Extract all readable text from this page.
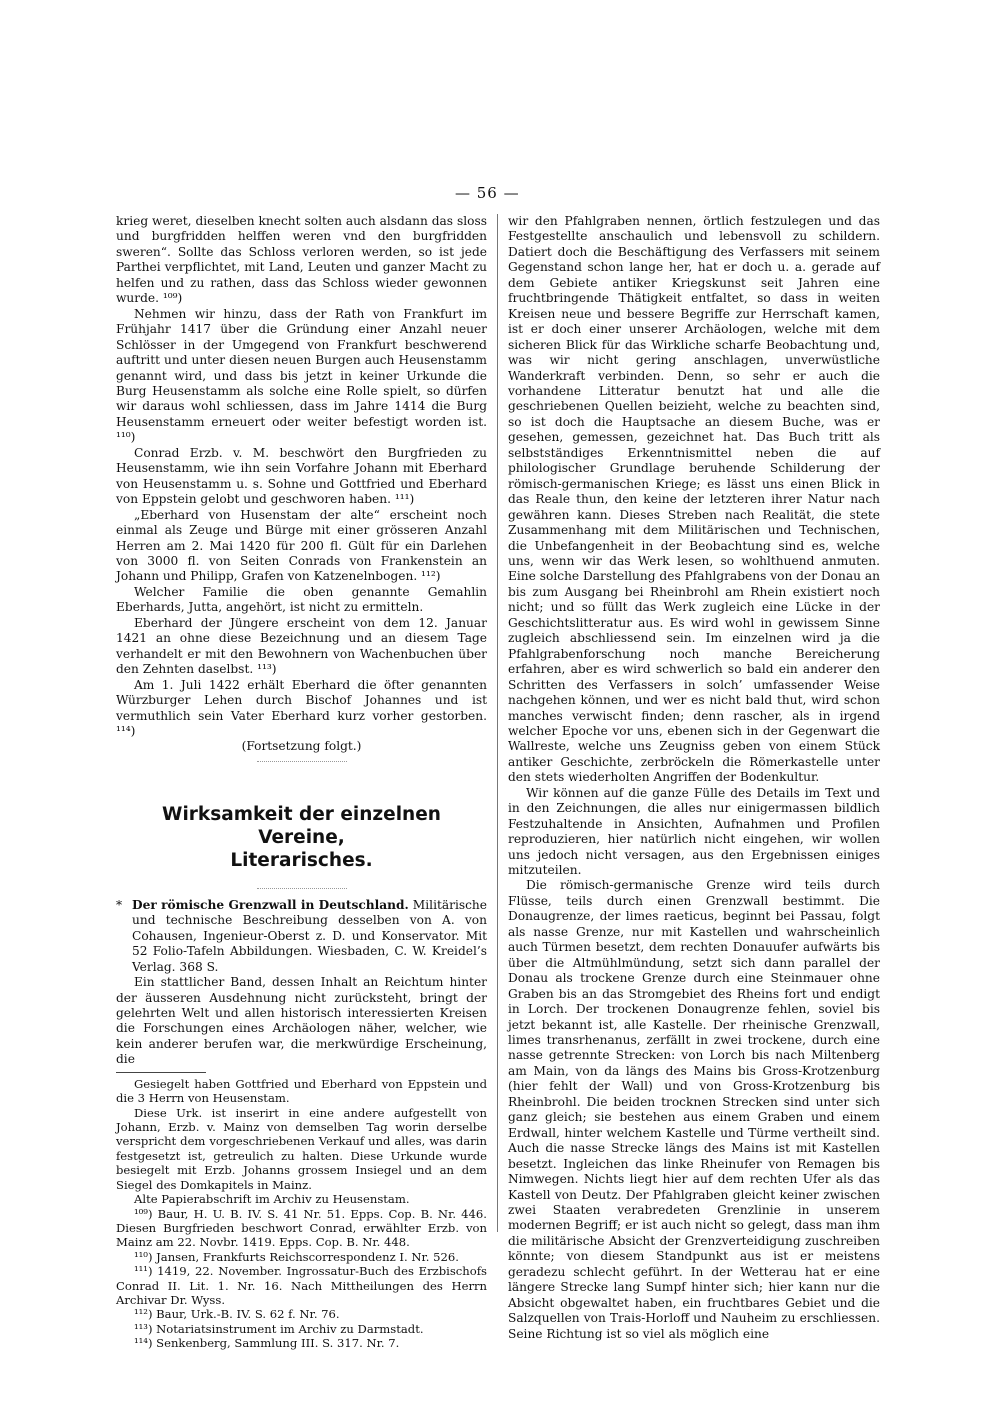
— 56 —

krieg weret, dieselben knecht solten auch alsdann das sloss und burgfridden helffen weren vnd den burgfridden sweren“. Sollte das Schloss verloren werden, so ist jede Parthei verpflichtet, mit Land, Leuten und ganzer Macht zu helfen und zu rathen, dass das Schloss wieder gewonnen wurde. ¹⁰⁹)

Nehmen wir hinzu, dass der Rath von Frankfurt im Frühjahr 1417 über die Gründung einer Anzahl neuer Schlösser in der Umgegend von Frankfurt beschwerend auftritt und unter diesen neuen Burgen auch Heusenstamm genannt wird, und dass bis jetzt in keiner Urkunde die Burg Heusenstamm als solche eine Rolle spielt, so dürfen wir daraus wohl schliessen, dass im Jahre 1414 die Burg Heusenstamm erneuert oder weiter befestigt worden ist. ¹¹⁰)

Conrad Erzb. v. M. beschwört den Burgfrieden zu Heusenstamm, wie ihn sein Vorfahre Johann mit Eberhard von Heusenstamm u. s. Sohne und Gottfried und Eberhard von Eppstein gelobt und geschworen haben. ¹¹¹)

„Eberhard von Husenstam der alte“ erscheint noch einmal als Zeuge und Bürge mit einer grösseren Anzahl Herren am 2. Mai 1420 für 200 fl. Gült für ein Darlehen von 3000 fl. von Seiten Conrads von Frankenstein an Johann und Philipp, Grafen von Katzenelnbogen. ¹¹²)

Welcher Familie die oben genannte Gemahlin Eberhards, Jutta, angehört, ist nicht zu ermitteln.

Eberhard der Jüngere erscheint von dem 12. Januar 1421 an ohne diese Bezeichnung und an diesem Tage verhandelt er mit den Bewohnern von Wachenbuchen über den Zehnten daselbst. ¹¹³)

Am 1. Juli 1422 erhält Eberhard die öfter genannten Würzburger Lehen durch Bischof Johannes und ist vermuthlich sein Vater Eberhard kurz vorher gestorben. ¹¹⁴)

(Fortsetzung folgt.)

Wirksamkeit der einzelnen Vereine,
Literarisches.

* Der römische Grenzwall in Deutschland. Militärische und technische Beschreibung desselben von A. von Cohausen, Ingenieur-Oberst z. D. und Konservator. Mit 52 Folio-Tafeln Abbildungen. Wiesbaden, C. W. Kreidel’s Verlag. 368 S.

Ein stattlicher Band, dessen Inhalt an Reichtum hinter der äusseren Ausdehnung nicht zurücksteht, bringt der gelehrten Welt und allen historisch interessierten Kreisen die Forschungen eines Archäologen näher, welcher, wie kein anderer berufen war, die merkwürdige Erscheinung, die

Gesiegelt haben Gottfried und Eberhard von Eppstein und die 3 Herrn von Heusenstam.

Diese Urk. ist inserirt in eine andere aufgestellt von Johann, Erzb. v. Mainz von demselben Tag worin derselbe verspricht dem vorgeschriebenen Verkauf und alles, was darin festgesetzt ist, getreulich zu halten. Diese Urkunde wurde besiegelt mit Erzb. Johanns grossem Insiegel und an dem Siegel des Domkapitels in Mainz.

Alte Papierabschrift im Archiv zu Heusenstam.

¹⁰⁹) Baur, H. U. B. IV. S. 41 Nr. 51. Epps. Cop. B. Nr. 446. Diesen Burgfrieden beschwort Conrad, erwählter Erzb. von Mainz am 22. Novbr. 1419. Epps. Cop. B. Nr. 448.

¹¹⁰) Jansen, Frankfurts Reichscorrespondenz I. Nr. 526.

¹¹¹) 1419, 22. November. Ingrossatur-Buch des Erzbischofs Conrad II. Lit. 1. Nr. 16. Nach Mittheilungen des Herrn Archivar Dr. Wyss.

¹¹²) Baur, Urk.-B. IV. S. 62 f. Nr. 76.

¹¹³) Notariatsinstrument im Archiv zu Darmstadt.

¹¹⁴) Senkenberg, Sammlung III. S. 317. Nr. 7.

wir den Pfahlgraben nennen, örtlich festzulegen und das Festgestellte anschaulich und lebensvoll zu schildern. Datiert doch die Beschäftigung des Verfassers mit seinem Gegenstand schon lange her, hat er doch u. a. gerade auf dem Gebiete antiker Kriegskunst seit Jahren eine fruchtbringende Thätigkeit entfaltet, so dass in weiten Kreisen neue und bessere Begriffe zur Herrschaft kamen, ist er doch einer unserer Archäologen, welche mit dem sicheren Blick für das Wirkliche scharfe Beobachtung und, was wir nicht gering anschlagen, unverwüstliche Wanderkraft verbinden. Denn, so sehr er auch die vorhandene Litteratur benutzt hat und alle die geschriebenen Quellen beizieht, welche zu beachten sind, so ist doch die Hauptsache an diesem Buche, was er gesehen, gemessen, gezeichnet hat. Das Buch tritt als selbstständiges Erkenntnismittel neben die auf philologischer Grundlage beruhende Schilderung der römisch-germanischen Kriege; es lässt uns einen Blick in das Reale thun, den keine der letzteren ihrer Natur nach gewähren kann. Dieses Streben nach Realität, die stete Zusammenhang mit dem Militärischen und Technischen, die Unbefangenheit in der Beobachtung sind es, welche uns, wenn wir das Werk lesen, so wohlthuend anmuten. Eine solche Darstellung des Pfahlgrabens von der Donau an bis zum Ausgang bei Rheinbrohl am Rhein existiert noch nicht; und so füllt das Werk zugleich eine Lücke in der Geschichtslitteratur aus. Es wird wohl in gewissem Sinne zugleich abschliessend sein. Im einzelnen wird ja die Pfahlgrabenforschung noch manche Bereicherung erfahren, aber es wird schwerlich so bald ein anderer den Schritten des Verfassers in solch’ umfassender Weise nachgehen können, und wer es nicht bald thut, wird schon manches verwischt finden; denn rascher, als in irgend welcher Epoche vor uns, ebenen sich in der Gegenwart die Wallreste, welche uns Zeugniss geben von einem Stück antiker Geschichte, zerbröckeln die Römerkastelle unter den stets wiederholten Angriffen der Bodenkultur.

Wir können auf die ganze Fülle des Details im Text und in den Zeichnungen, die alles nur einigermassen bildlich Festzuhaltende in Ansichten, Aufnahmen und Profilen reproduzieren, hier natürlich nicht eingehen, wir wollen uns jedoch nicht versagen, aus den Ergebnissen einiges mitzuteilen.

Die römisch-germanische Grenze wird teils durch Flüsse, teils durch einen Grenzwall bestimmt. Die Donaugrenze, der limes raeticus, beginnt bei Passau, folgt als nasse Grenze, nur mit Kastellen und wahrscheinlich auch Türmen besetzt, dem rechten Donauufer aufwärts bis über die Altmühlmündung, setzt sich dann parallel der Donau als trockene Grenze durch eine Steinmauer ohne Graben bis an das Stromgebiet des Rheins fort und endigt in Lorch. Der trockenen Donaugrenze fehlen, soviel bis jetzt bekannt ist, alle Kastelle. Der rheinische Grenzwall, limes transrhenanus, zerfällt in zwei trockene, durch eine nasse getrennte Strecken: von Lorch bis nach Miltenberg am Main, von da längs des Mains bis Gross-Krotzenburg (hier fehlt der Wall) und von Gross-Krotzenburg bis Rheinbrohl. Die beiden trocknen Strecken sind unter sich ganz gleich; sie bestehen aus einem Graben und einem Erdwall, hinter welchem Kastelle und Türme vertheilt sind. Auch die nasse Strecke längs des Mains ist mit Kastellen besetzt. Ingleichen das linke Rheinufer von Remagen bis Nimwegen. Nichts liegt hier auf dem rechten Ufer als das Kastell von Deutz. Der Pfahlgraben gleicht keiner zwischen zwei Staaten verabredeten Grenzlinie in unserem modernen Begriff; er ist auch nicht so gelegt, dass man ihm die militärische Absicht der Grenzverteidigung zuschreiben könnte; von diesem Standpunkt aus ist er meistens geradezu schlecht geführt. In der Wetterau hat er eine längere Strecke lang Sumpf hinter sich; hier kann nur die Absicht obgewaltet haben, ein fruchtbares Gebiet und die Salzquellen von Trais-Horloff und Nauheim zu erschliessen. Seine Richtung ist so viel als möglich eine
